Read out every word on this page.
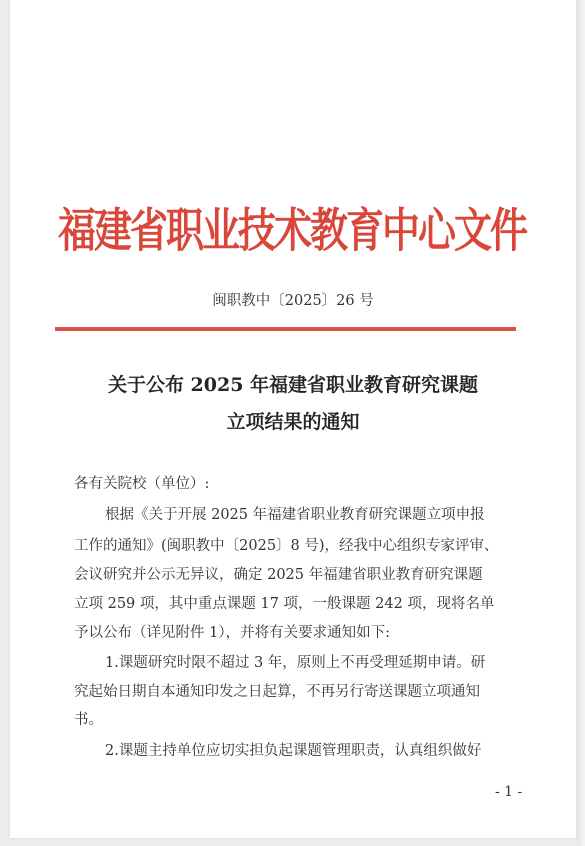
福建省职业技术教育中心文件
闽职教中〔2025〕26 号
关于公布 2025 年福建省职业教育研究课题
立项结果的通知
各有关院校（单位）:
根据《关于开展 2025 年福建省职业教育研究课题立项申报
工作的通知》(闽职教中〔2025〕8 号)，经我中心组织专家评审、
会议研究并公示无异议，确定 2025 年福建省职业教育研究课题
立项 259 项，其中重点课题 17 项，一般课题 242 项，现将名单
予以公布（详见附件 1），并将有关要求通知如下:
1.课题研究时限不超过 3 年，原则上不再受理延期申请。研
究起始日期自本通知印发之日起算，不再另行寄送课题立项通知
书。
2.课题主持单位应切实担负起课题管理职责，认真组织做好
- 1 -
